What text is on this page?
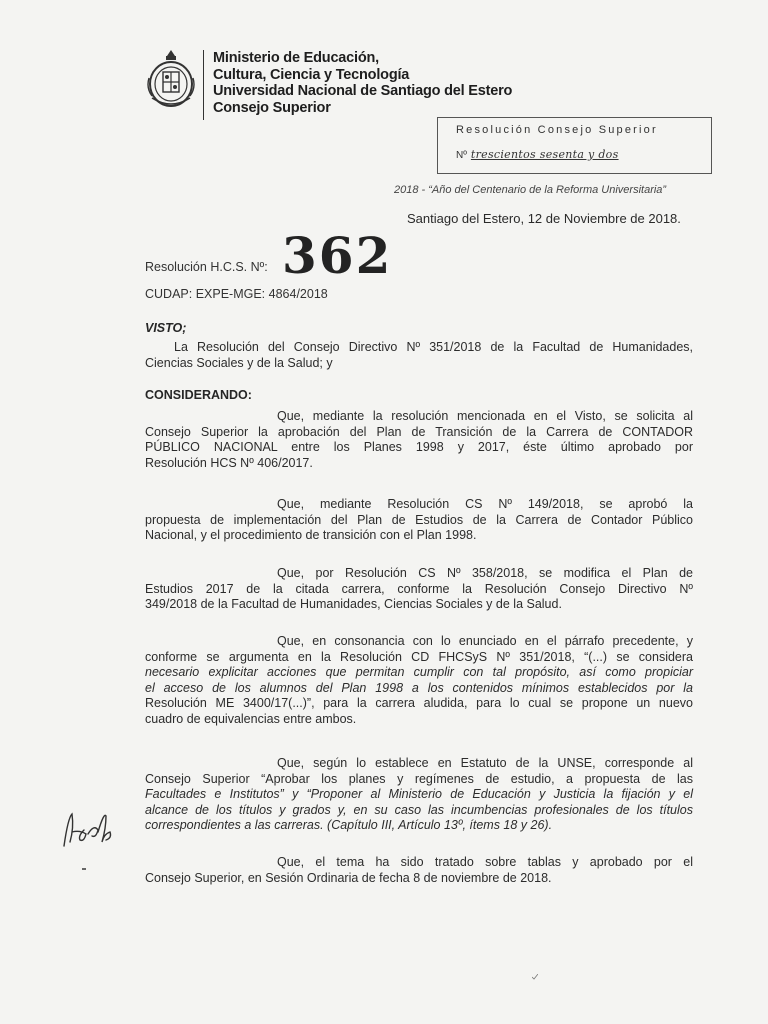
Ministerio de Educación,
Cultura, Ciencia y Tecnología
Universidad Nacional de Santiago del Estero
Consejo Superior
Resolución Consejo Superior
Nº trescientos sesenta y dos
2018 - “Año del Centenario de la Reforma Universitaria”
Santiago del Estero, 12 de Noviembre de 2018.
Resolución H.C.S. Nº: 362
CUDAP: EXPE-MGE: 4864/2018
VISTO;
La Resolución del Consejo Directivo Nº 351/2018 de la Facultad de Humanidades,
Ciencias Sociales y de la Salud; y
CONSIDERANDO:
Que, mediante la resolución mencionada en el Visto, se solicita al
Consejo Superior la aprobación del Plan de Transición de la Carrera de CONTADOR
PÚBLICO NACIONAL entre los Planes 1998 y 2017, éste último aprobado por
Resolución HCS Nº 406/2017.
Que, mediante Resolución CS Nº 149/2018, se aprobó la
propuesta de implementación del Plan de Estudios de la Carrera de Contador Público
Nacional, y el procedimiento de transición con el Plan 1998.
Que, por Resolución CS Nº 358/2018, se modifica el Plan de
Estudios 2017 de la citada carrera, conforme la Resolución Consejo Directivo Nº
349/2018 de la Facultad de Humanidades, Ciencias Sociales y de la Salud.
Que, en consonancia con lo enunciado en el párrafo precedente, y
conforme se argumenta en la Resolución CD FHCSyS Nº 351/2018, “(...) se considera
necesario explicitar acciones que permitan cumplir con tal propósito, así como propiciar
el acceso de los alumnos del Plan 1998 a los contenidos mínimos establecidos por la
Resolución ME 3400/17(...)”, para la carrera aludida, para lo cual se propone un nuevo
cuadro de equivalencias entre ambos.
Que, según lo establece en Estatuto de la UNSE, corresponde al
Consejo Superior “Aprobar los planes y regímenes de estudio, a propuesta de las
Facultades e Institutos” y “Proponer al Ministerio de Educación y Justicia la fijación y el
alcance de los títulos y grados y, en su caso las incumbencias profesionales de los títulos
correspondientes a las carreras. (Capítulo III, Artículo 13º, ítems 18 y 26).
Que, el tema ha sido tratado sobre tablas y aprobado por el
Consejo Superior, en Sesión Ordinaria de fecha 8 de noviembre de 2018.
